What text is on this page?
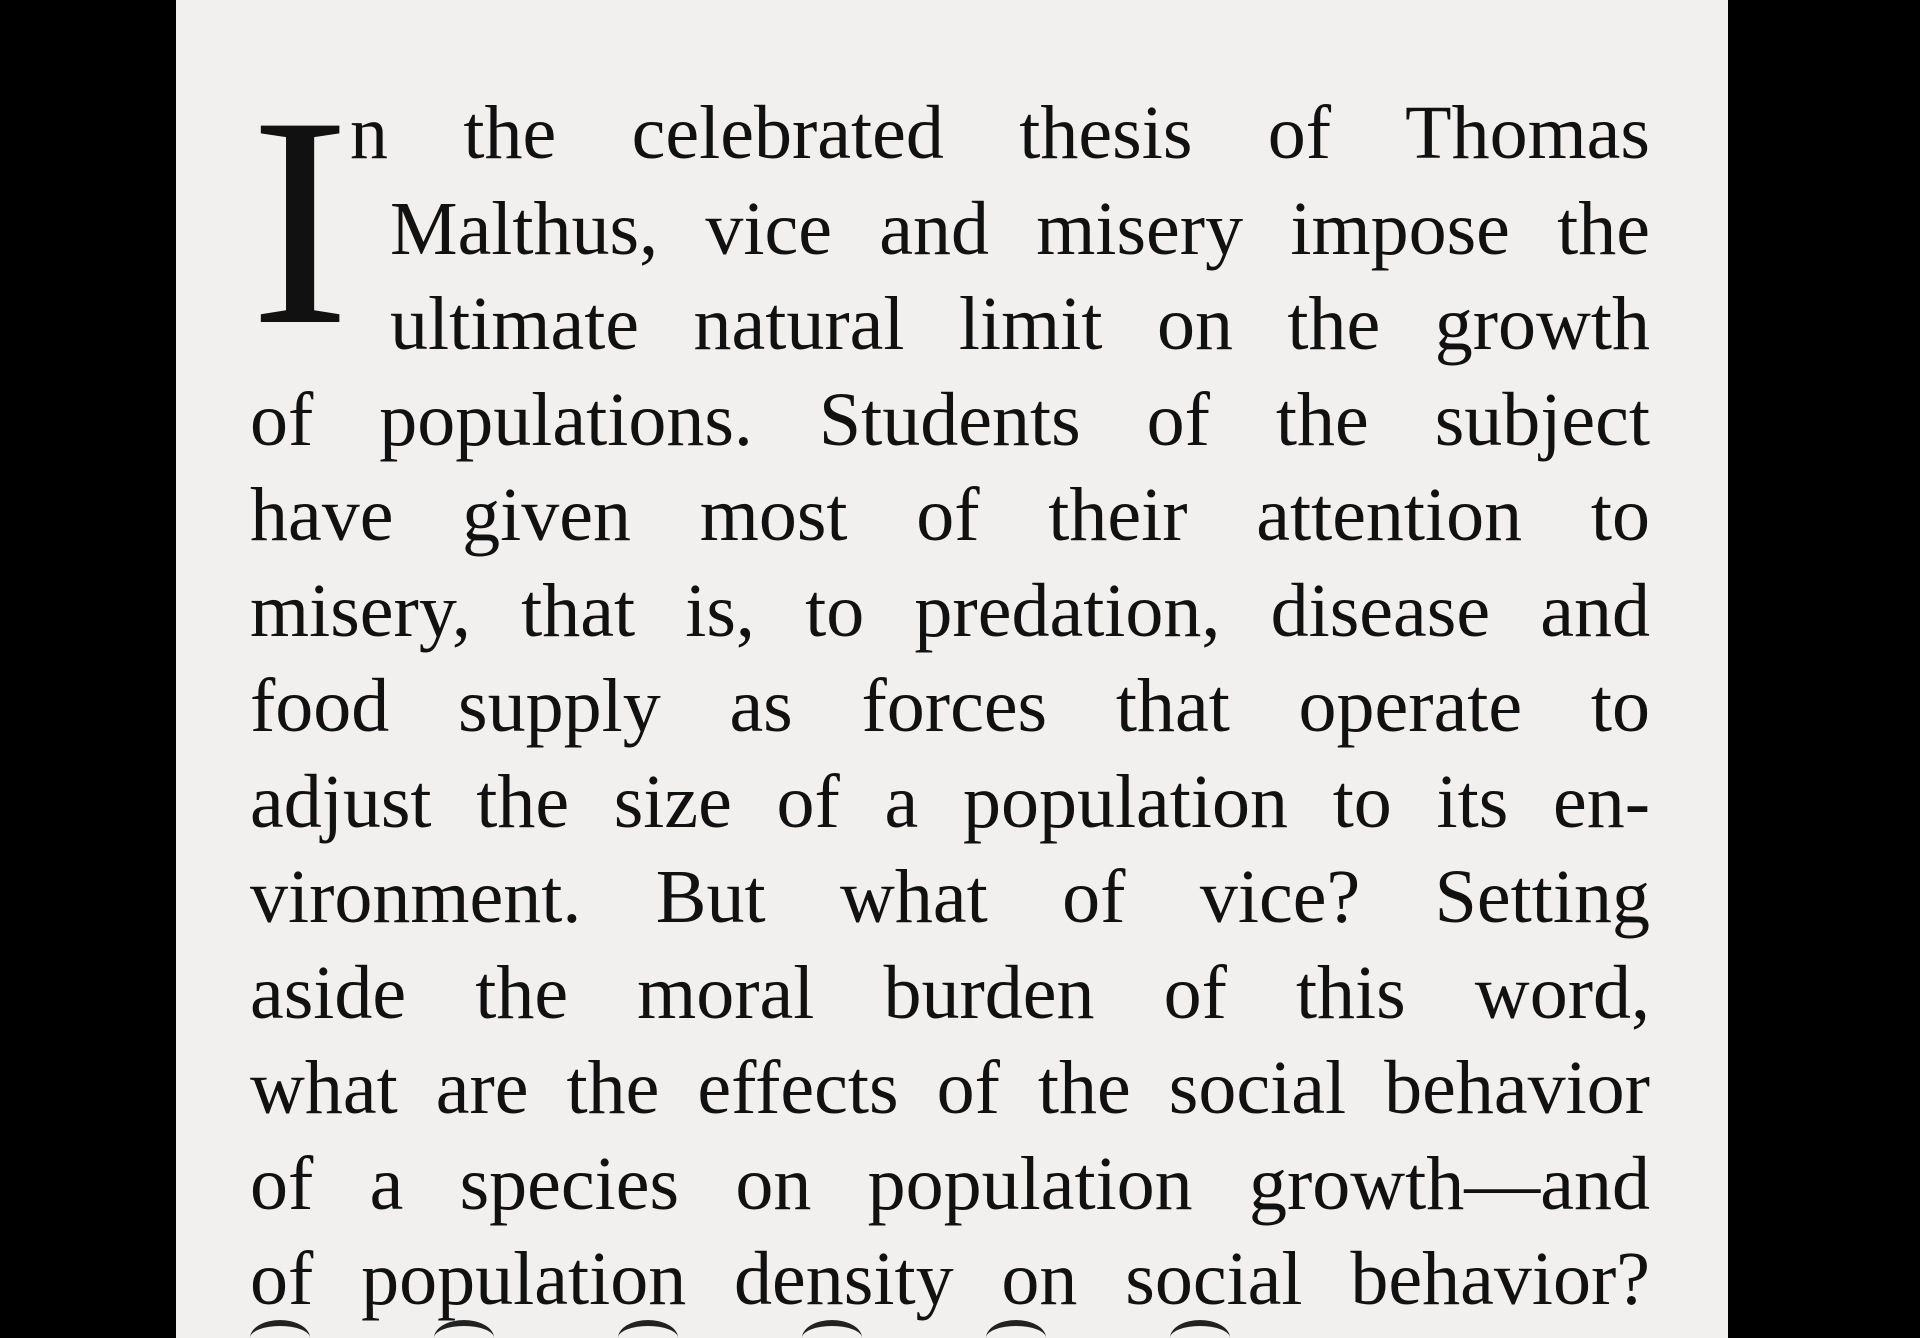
I n the celebrated thesis of Thomas
Malthus, vice and misery impose the
ultimate natural limit on the growth
of populations. Students of the subject
have given most of their attention to
misery, that is, to predation, disease and
food supply as forces that operate to
adjust the size of a population to its en-
vironment. But what of vice? Setting
aside the moral burden of this word,
what are the effects of the social behavior
of a species on population growth—and
of population density on social behavior?
